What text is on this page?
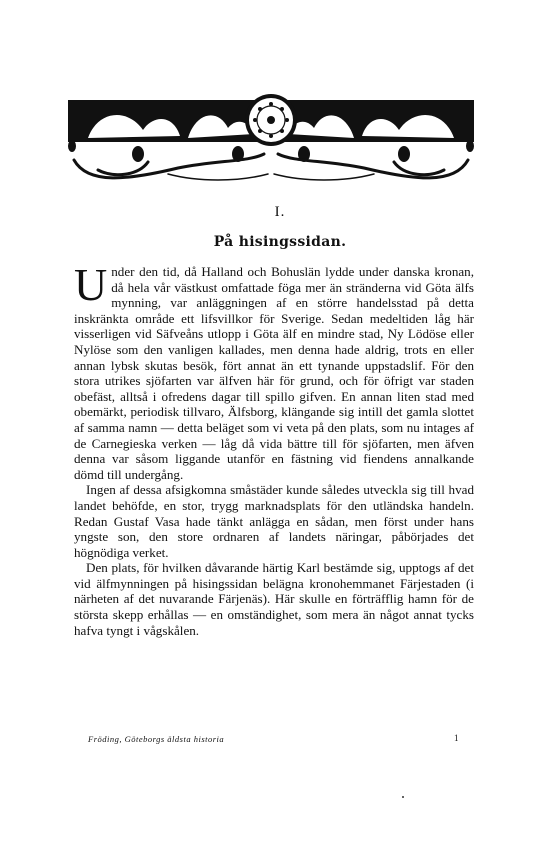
I.
På hisingssidan.

Under den tid, då Halland och Bohuslän lydde under danska kronan, då hela vår västkust omfattade föga mer än stränderna vid Göta älfs mynning, var anläggningen af en större handelsstad på detta inskränkta område ett lifsvillkor för Sverige. Sedan medeltiden låg här visserligen vid Säfveåns utlopp i Göta älf en mindre stad, Ny Lödöse eller Nylöse som den vanligen kallades, men denna hade aldrig, trots en eller annan lybsk skutas besök, fört annat än ett tynande uppstadslif. För den stora utrikes sjöfarten var älfven här för grund, och för öfrigt var staden obefäst, alltså i ofredens dagar till spillo gifven. En annan liten stad med obemärkt, periodisk tillvaro, Älfsborg, klängande sig intill det gamla slottet af samma namn — detta beläget som vi veta på den plats, som nu intages af de Carnegieska verken — låg då vida bättre till för sjöfarten, men äfven denna var såsom liggande utanför en fästning vid fiendens annalkande dömd till undergång.

Ingen af dessa afsigkomna småstäder kunde således utveckla sig till hvad landet behöfde, en stor, trygg marknadsplats för den utländska handeln. Redan Gustaf Vasa hade tänkt anlägga en sådan, men först under hans yngste son, den store ordnaren af landets näringar, påbörjades det högnödiga verket.

Den plats, för hvilken dåvarande härtig Karl bestämde sig, upptogs af det vid älfmynningen på hisingssidan belägna kronohemmanet Färjestaden (i närheten af det nuvarande Färjenäs). Här skulle en förträfflig hamn för de största skepp erhållas — en omständighet, som mera än något annat tycks hafva tyngt i vågskålen.

Fröding, Göteborgs äldsta historia	1
